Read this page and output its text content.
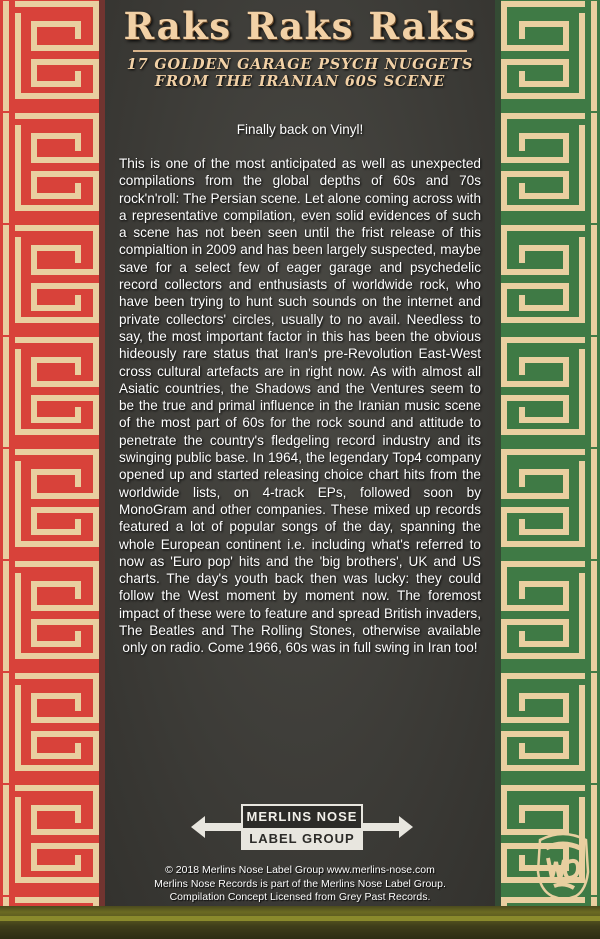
Raks Raks Raks
17 GOLDEN GARAGE PSYCH NUGGETS
FROM THE IRANIAN 60S SCENE
Finally back on Vinyl!
This is one of the most anticipated as well as unexpected compilations from the global depths of 60s and 70s rock'n'roll: The Persian scene. Let alone coming across with a representative compilation, even solid evidences of such a scene has not been seen until the frist release of this compialtion in 2009 and has been largely suspected, maybe save for a select few of eager garage and psychedelic record collectors and enthusiasts of worldwide rock, who have been trying to hunt such sounds on the internet and private collectors' circles, usually to no avail. Needless to say, the most important factor in this has been the obvious hideously rare status that Iran's pre-Revolution East-West cross cultural artefacts are in right now. As with almost all Asiatic countries, the Shadows and the Ventures seem to be the true and primal influence in the Iranian music scene of the most part of 60s for the rock sound and attitude to penetrate the country's fledgeling record industry and its swinging public base. In 1964, the legendary Top4 company opened up and started releasing choice chart hits from the worldwide lists, on 4-track EPs, followed soon by MonoGram and other companies. These mixed up records featured a lot of popular songs of the day, spanning the whole European continent i.e. including what's referred to now as 'Euro pop' hits and the 'big brothers', UK and US charts. The day's youth back then was lucky: they could follow the West moment by moment now. The foremost impact of these were to feature and spread British invaders, The Beatles and The Rolling Stones, otherwise available only on radio. Come 1966, 60s was in full swing in Iran too!
MERLINS NOSE
LABEL GROUP
© 2018 Merlins Nose Label Group www.merlins-nose.com
Merlins Nose Records is part of the Merlins Nose Label Group.
Compilation Concept Licensed from Grey Past Records.
